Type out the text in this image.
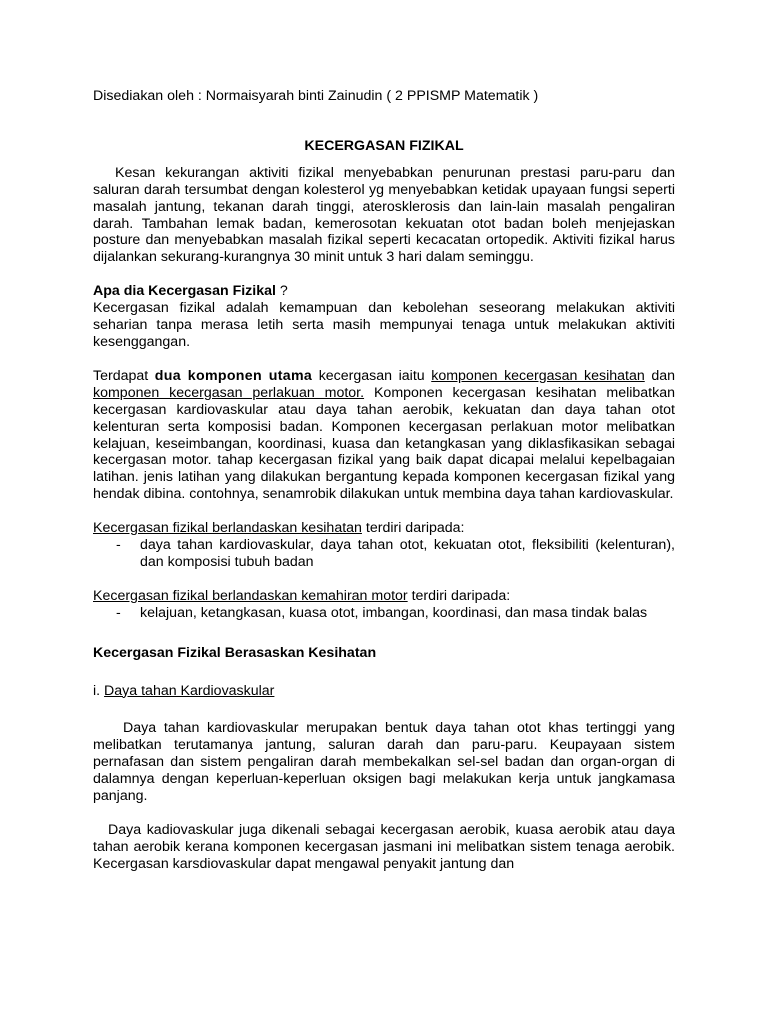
Disediakan oleh : Normaisyarah binti Zainudin ( 2 PPISMP Matematik )

KECERGASAN FIZIKAL

Kesan kekurangan aktiviti fizikal menyebabkan penurunan prestasi paru-paru dan saluran darah tersumbat dengan kolesterol yg menyebabkan ketidak upayaan fungsi seperti masalah jantung, tekanan darah tinggi, aterosklerosis dan lain-lain masalah pengaliran darah. Tambahan lemak badan, kemerosotan kekuatan otot badan boleh menjejaskan posture dan menyebabkan masalah fizikal seperti kecacatan ortopedik. Aktiviti fizikal harus dijalankan sekurang-kurangnya 30 minit untuk 3 hari dalam seminggu.

Apa dia Kecergasan Fizikal ?

Kecergasan fizikal adalah kemampuan dan kebolehan seseorang melakukan aktiviti seharian tanpa merasa letih serta masih mempunyai tenaga untuk melakukan aktiviti kesenggangan.

Terdapat dua komponen utama kecergasan iaitu komponen kecergasan kesihatan dan komponen kecergasan perlakuan motor. Komponen kecergasan kesihatan melibatkan kecergasan kardiovaskular atau daya tahan aerobik, kekuatan dan daya tahan otot kelenturan serta komposisi badan. Komponen kecergasan perlakuan motor melibatkan kelajuan, keseimbangan, koordinasi, kuasa dan ketangkasan yang diklasfikasikan sebagai kecergasan motor. tahap kecergasan fizikal yang baik dapat dicapai melalui kepelbagaian latihan. jenis latihan yang dilakukan bergantung kepada komponen kecergasan fizikal yang hendak dibina. contohnya, senamrobik dilakukan untuk membina daya tahan kardiovaskular.

Kecergasan fizikal berlandaskan kesihatan terdiri daripada:

- daya tahan kardiovaskular, daya tahan otot, kekuatan otot, fleksibiliti (kelenturan), dan komposisi tubuh badan

Kecergasan fizikal berlandaskan kemahiran motor terdiri daripada:

- kelajuan, ketangkasan, kuasa otot, imbangan, koordinasi, dan masa tindak balas

Kecergasan Fizikal Berasaskan Kesihatan

i. Daya tahan Kardiovaskular

Daya tahan kardiovaskular merupakan bentuk daya tahan otot khas tertinggi yang melibatkan terutamanya jantung, saluran darah dan paru-paru. Keupayaan sistem pernafasan dan sistem pengaliran darah membekalkan sel-sel badan dan organ-organ di dalamnya dengan keperluan-keperluan oksigen bagi melakukan kerja untuk jangkamasa panjang.

Daya kadiovaskular juga dikenali sebagai kecergasan aerobik, kuasa aerobik atau daya tahan aerobik kerana komponen kecergasan jasmani ini melibatkan sistem tenaga aerobik. Kecergasan karsdiovaskular dapat mengawal penyakit jantung dan
